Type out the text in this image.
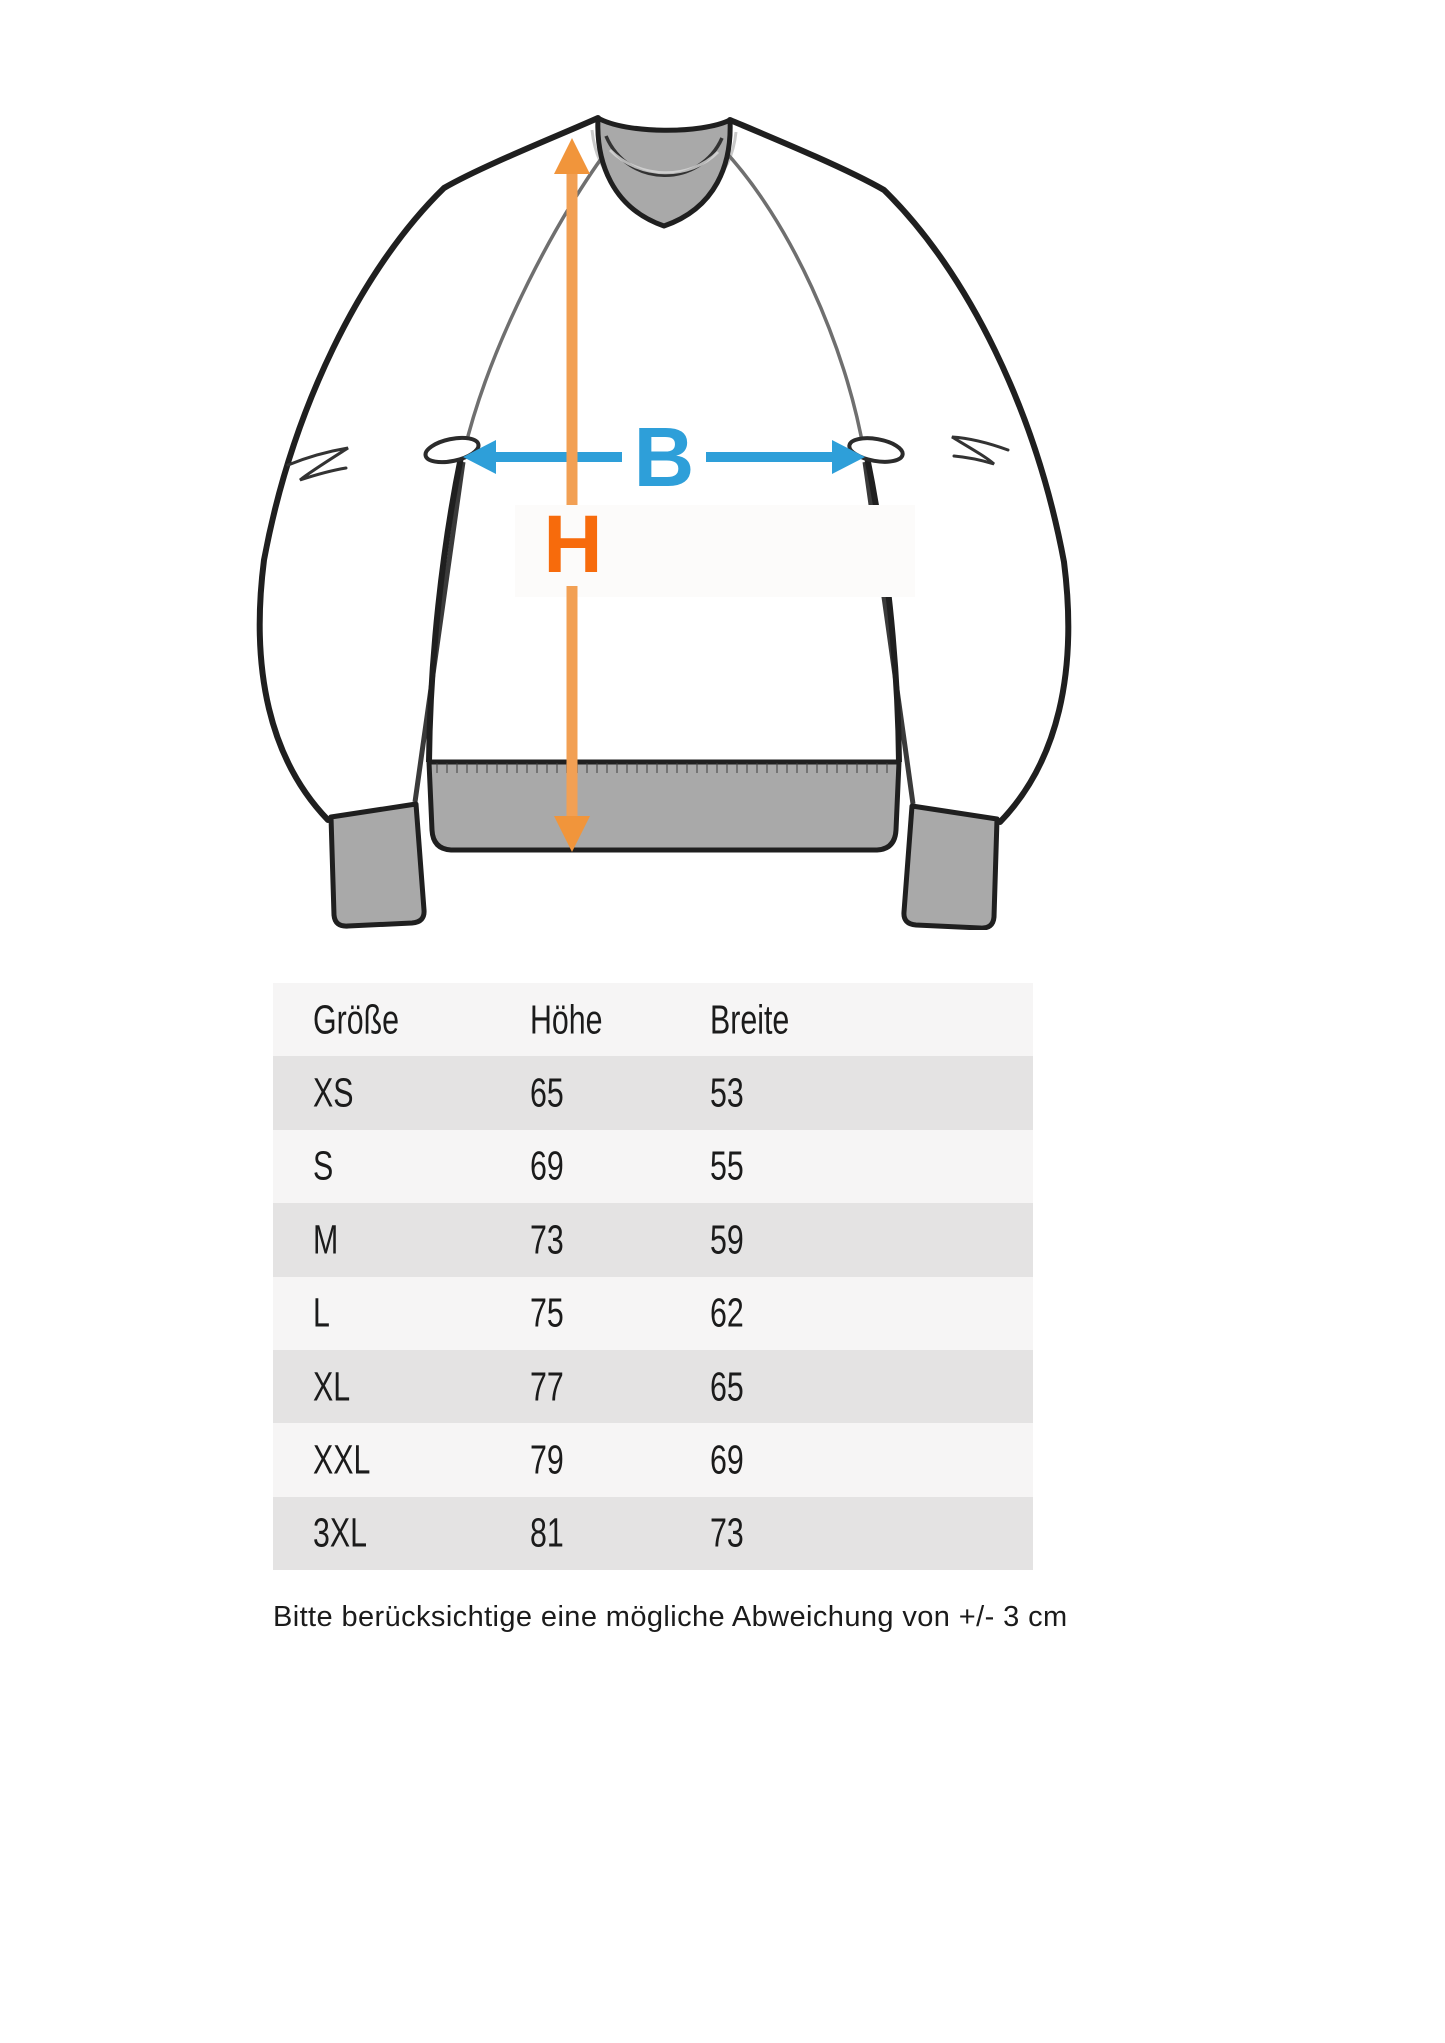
B
H
Größe	Höhe	Breite
XS	65	53
S	69	55
M	73	59
L	75	62
XL	77	65
XXL	79	69
3XL	81	73
Bitte berücksichtige eine mögliche Abweichung von +/- 3 cm
